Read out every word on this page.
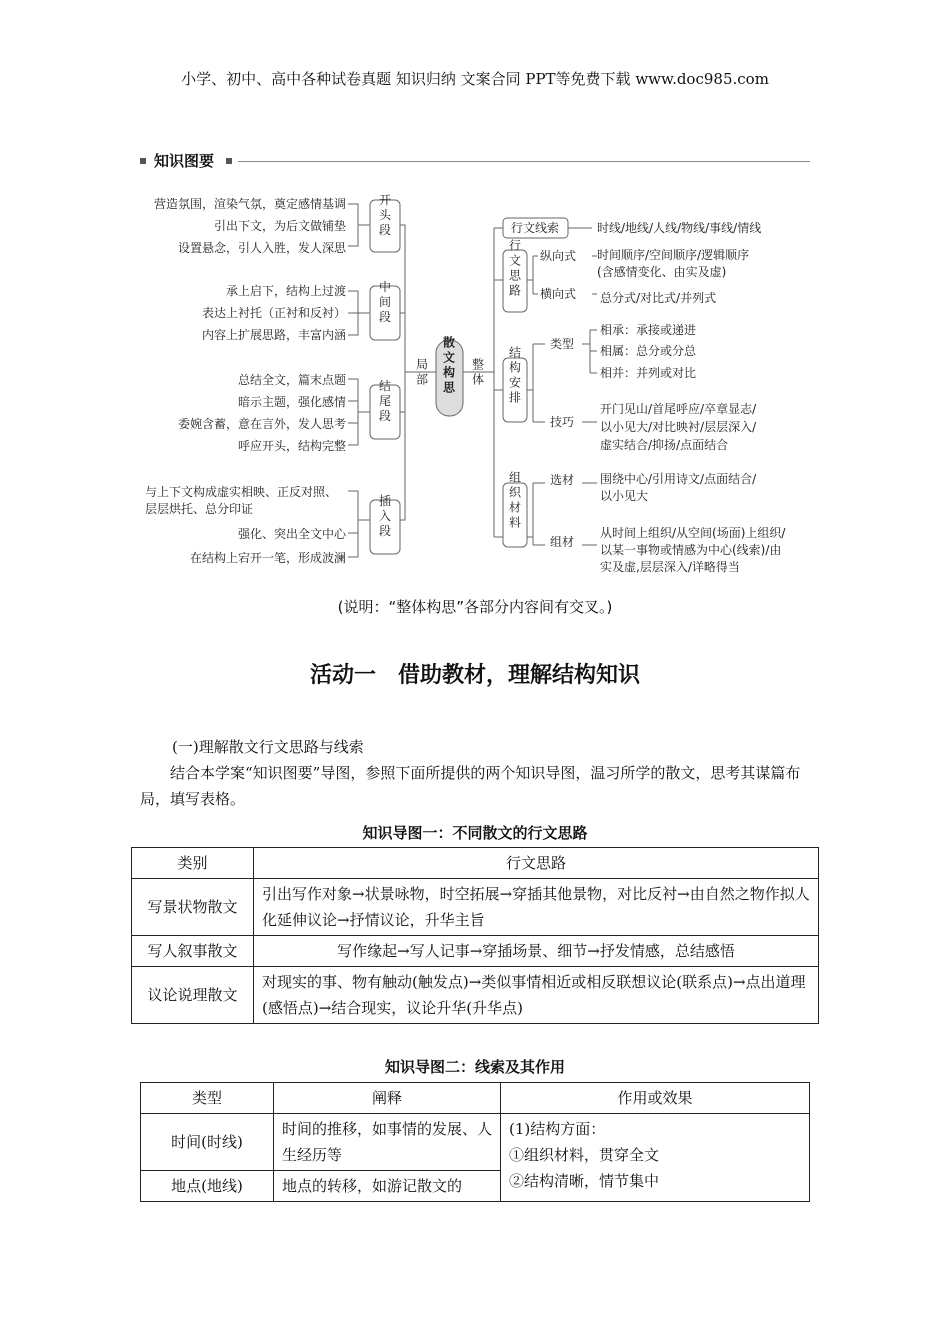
小学、初中、高中各种试卷真题 知识归纳 文案合同 PPT等免费下载 www.doc985.com
知识图要
营造氛围，渲染气氛，奠定感情基调
引出下文，为后文做铺垫
设置悬念，引人入胜，发人深思
承上启下，结构上过渡
表达上衬托（正衬和反衬）
内容上扩展思路，丰富内涵
总结全文，篇末点题
暗示主题，强化感情
委婉含蓄，意在言外，发人思考
呼应开头，结构完整
强化、突出全文中心
在结构上宕开一笔，形成波澜
与上下文构成虚实相映、正反对照、
层层烘托、总分印证
开头段
中间段
结尾段
插入段
局部
散文构思
整体
行文线索	时线/地线/人线/物线/事线/情线
行文思路
纵向式 时间顺序/空间顺序/逻辑顺序
(含感情变化、由实及虚)
横向式 总分式/对比式/并列式
结构安排
类型
相承：承接或递进
相属：总分或分总
相并：并列或对比
技巧
开门见山/首尾呼应/卒章显志/
以小见大/对比映衬/层层深入/
虚实结合/抑扬/点面结合
组织材料
选材 围绕中心/引用诗文/点面结合/
以小见大
组材
从时间上组织/从空间(场面)上组织/
以某一事物或情感为中心(线索)/由
实及虚,层层深入/详略得当
(说明：“整体构思”各部分内容间有交叉。)
活动一　借助教材，理解结构知识
(一)理解散文行文思路与线索
结合本学案“知识图要”导图，参照下面所提供的两个知识导图，温习所学的散文，思考其谋篇布局，填写表格。
知识导图一：不同散文的行文思路
类别	行文思路
写景状物散文	引出写作对象→状景咏物，时空拓展→穿插其他景物，对比反衬→由自然之物作拟人化延伸议论→抒情议论，升华主旨
写人叙事散文	写作缘起→写人记事→穿插场景、细节→抒发情感，总结感悟
议论说理散文	对现实的事、物有触动(触发点)→类似事情相近或相反联想议论(联系点)→点出道理(感悟点)→结合现实，议论升华(升华点)
知识导图二：线索及其作用
类型	阐释	作用或效果
时间(时线)	时间的推移，如事情的发展、人生经历等	(1)结构方面：
①组织材料，贯穿全文
②结构清晰，情节集中

地点(地线)	地点的转移，如游记散文的	
